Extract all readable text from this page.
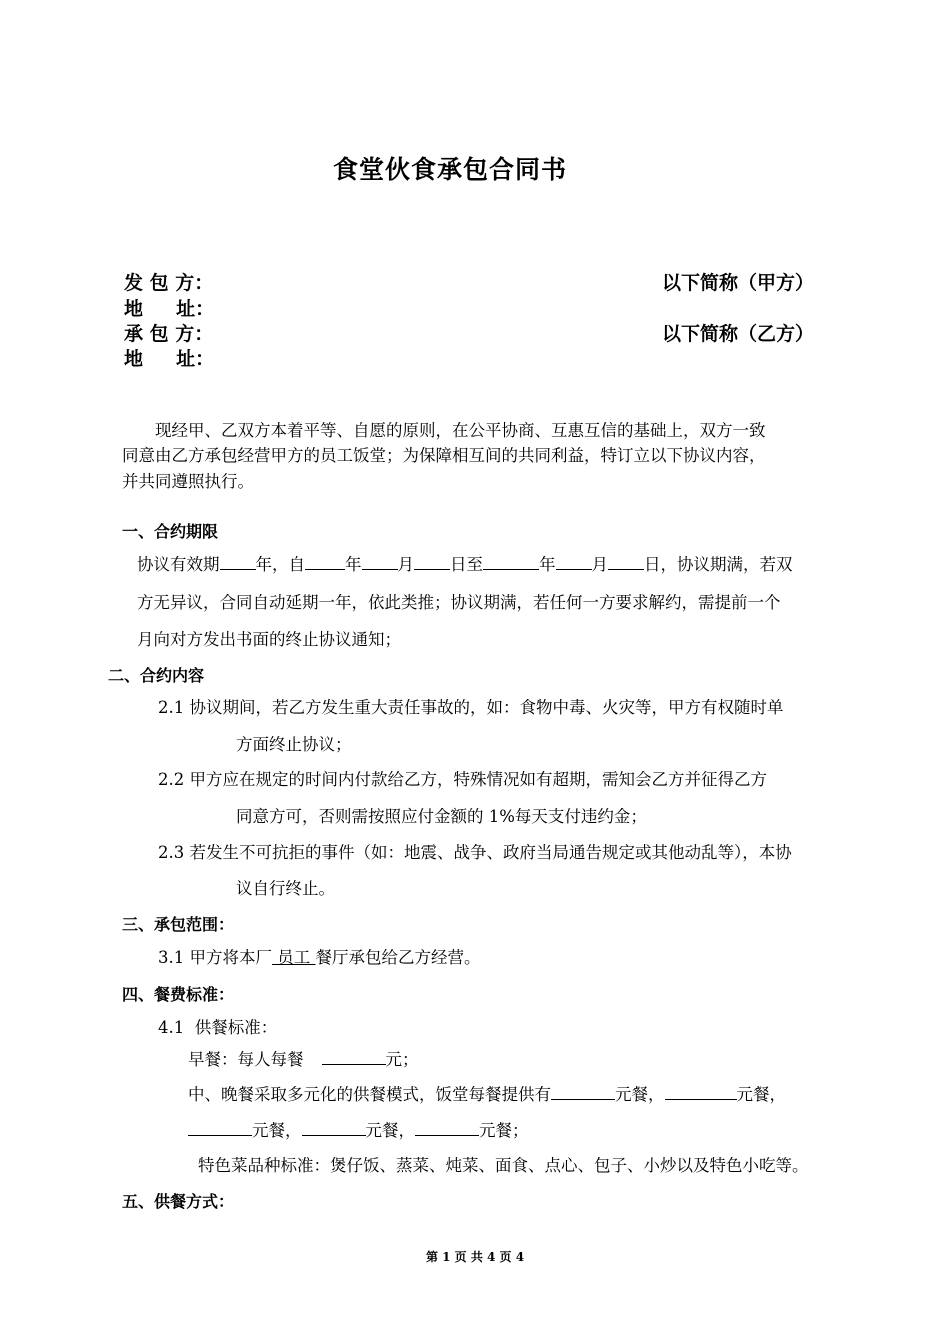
食堂伙食承包合同书
发 包 方：	以下简称（甲方）
地     址：
承 包 方：	以下简称（乙方）
地     址：
现经甲、乙双方本着平等、自愿的原则，在公平协商、互惠互信的基础上，双方一致
同意由乙方承包经营甲方的员工饭堂；为保障相互间的共同利益，特订立以下协议内容，
并共同遵照执行。
一、合约期限
协议有效期 年，自 年 月 日至	年 月 日，协议期满，若双
方无异议，合同自动延期一年，依此类推；协议期满，若任何一方要求解约，需提前一个
月向对方发出书面的终止协议通知；
二、合约内容
2.1 协议期间，若乙方发生重大责任事故的，如：食物中毒、火灾等，甲方有权随时单
方面终止协议；
2.2 甲方应在规定的时间内付款给乙方，特殊情况如有超期，需知会乙方并征得乙方
同意方可，否则需按照应付金额的 1%每天支付违约金；
2.3 若发生不可抗拒的事件（如：地震、战争、政府当局通告规定或其他动乱等），本协
议自行终止。
三、承包范围：
3.1 甲方将本厂 员工 餐厅承包给乙方经营。
四、餐费标准：
4.1  供餐标准：
早餐：每人每餐	元；
中、晚餐采取多元化的供餐模式，饭堂每餐提供有	元餐，	元餐，
元餐，	元餐，	元餐；
特色菜品种标准：煲仔饭、蒸菜、炖菜、面食、点心、包子、小炒以及特色小吃等。
五、供餐方式：
第 1 页 共 4 页 4
